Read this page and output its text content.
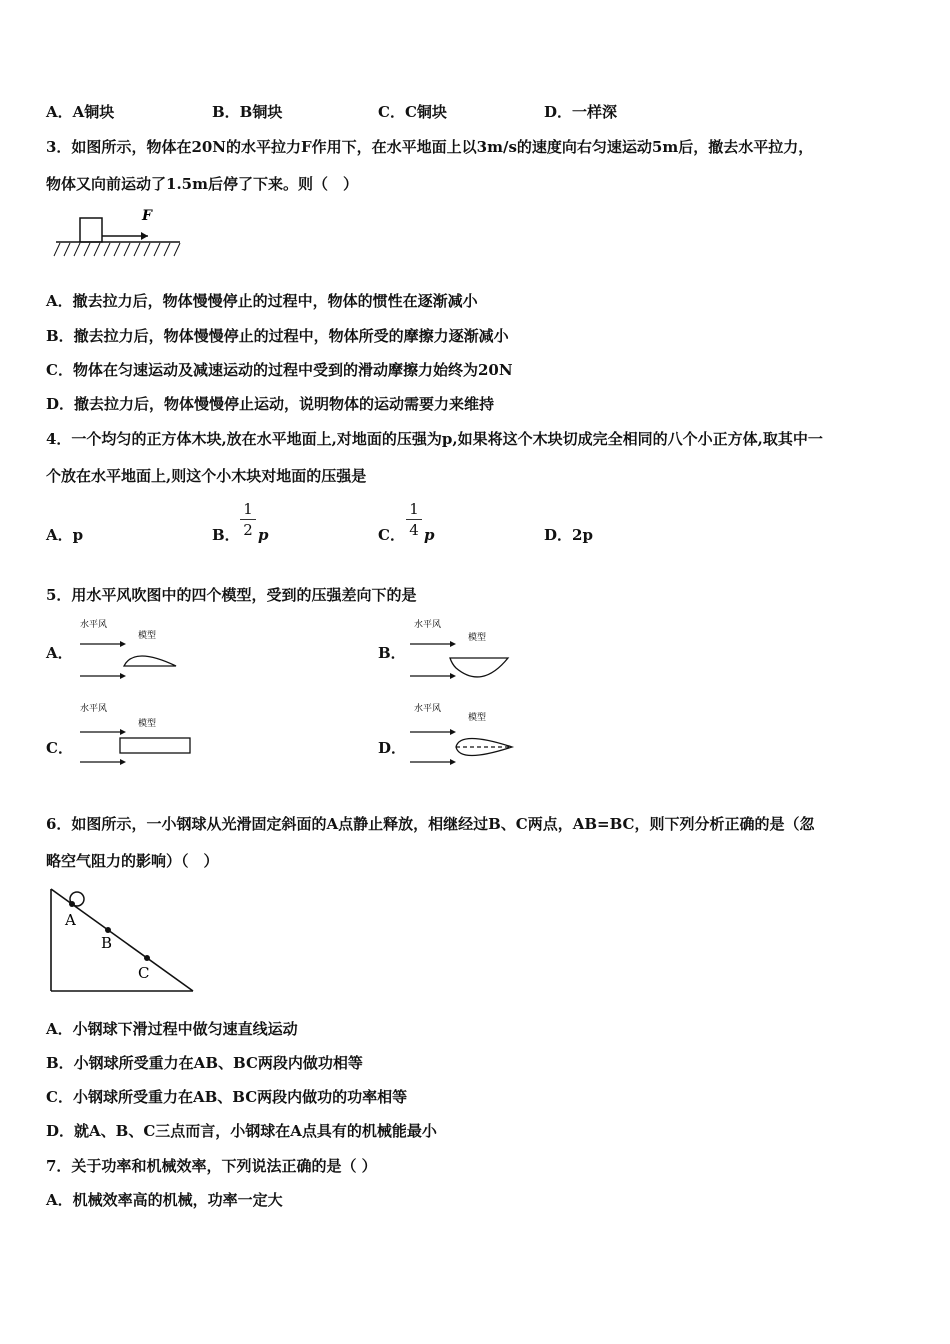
A．A铜块	B．B铜块	C．C铜块	D．一样深
3．如图所示，物体在20N的水平拉力F作用下，在水平地面上以3m/s的速度向右匀速运动5m后，撤去水平拉力，
物体又向前运动了1.5m后停了下来。则（　）
F
A．撤去拉力后，物体慢慢停止的过程中，物体的惯性在逐渐减小
B．撤去拉力后，物体慢慢停止的过程中，物体所受的摩擦力逐渐减小
C．物体在匀速运动及减速运动的过程中受到的滑动摩擦力始终为20N
D．撤去拉力后，物体慢慢停止运动，说明物体的运动需要力来维持
4．一个均匀的正方体木块,放在水平地面上,对地面的压强为p,如果将这个木块切成完全相同的八个小正方体,取其中一
个放在水平地面上,则这个小木块对地面的压强是
A．p	B．
1
2 p	C．
1
4 p	D．2p
5．用水平风吹图中的四个模型，受到的压强差向下的是
A．
水平风
模型
B．
水平风
模型
C．
水平风
模型
D．
水平风
模型
6．如图所示，一小钢球从光滑固定斜面的A点静止释放，相继经过B、C两点，AB=BC，则下列分析正确的是（忽
略空气阻力的影响）（　）
A
B
C
A．小钢球下滑过程中做匀速直线运动
B．小钢球所受重力在AB、BC两段内做功相等
C．小钢球所受重力在AB、BC两段内做功的功率相等
D．就A、B、C三点而言，小钢球在A点具有的机械能最小
7．关于功率和机械效率，下列说法正确的是（ ）
A．机械效率高的机械，功率一定大
